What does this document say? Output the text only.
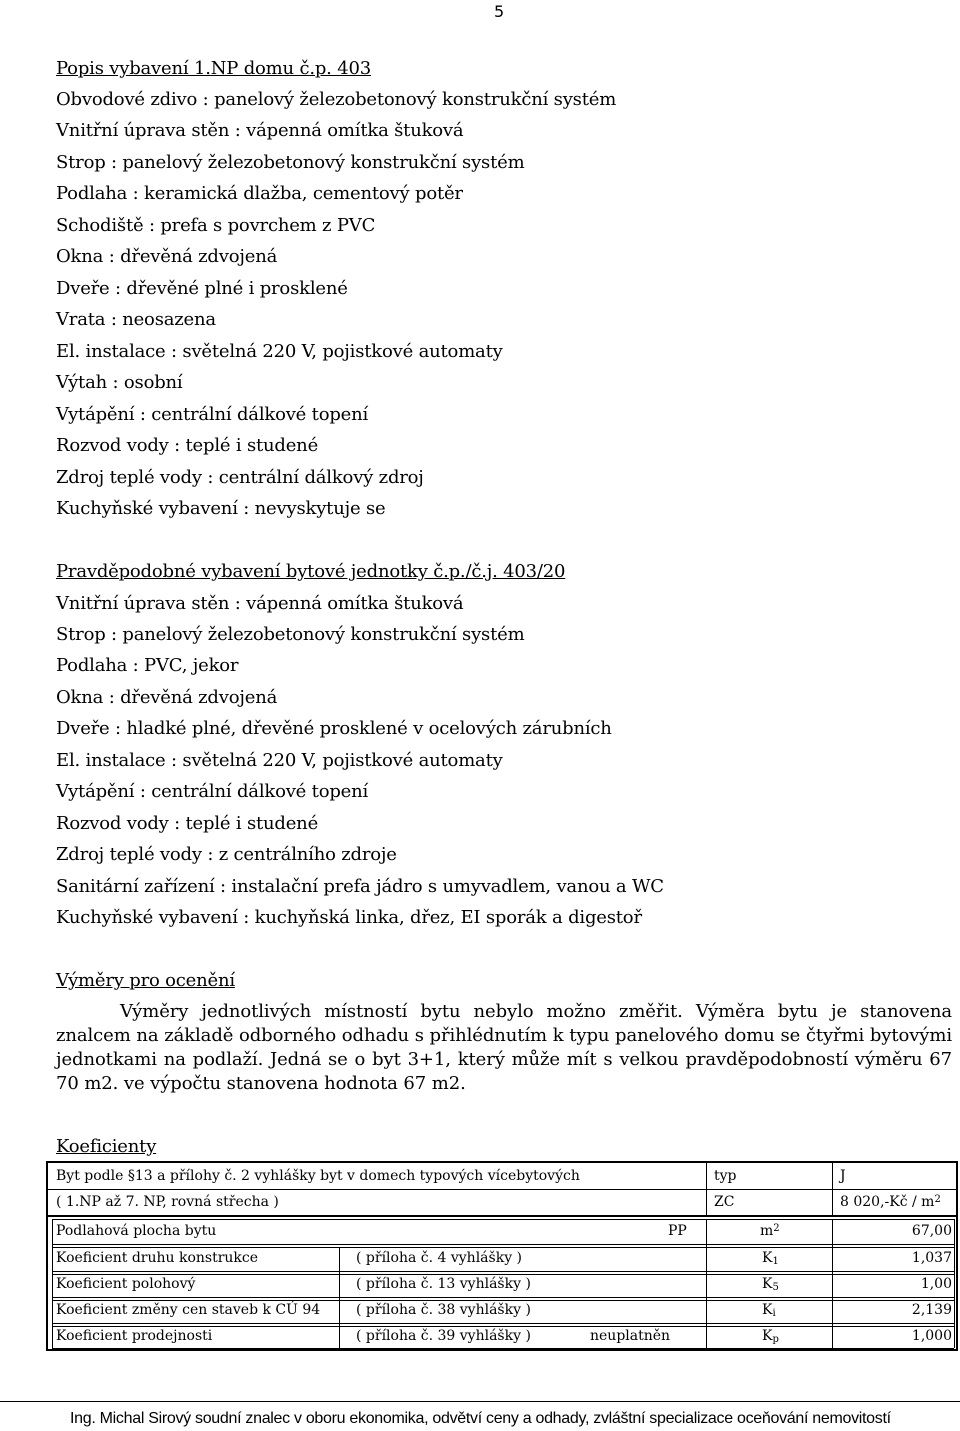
5
Popis vybavení 1.NP domu č.p. 403
Obvodové zdivo : panelový železobetonový konstrukční systém
Vnitřní úprava stěn : vápenná omítka štuková
Strop : panelový železobetonový konstrukční systém
Podlaha : keramická dlažba, cementový potěr
Schodiště : prefa s povrchem z PVC
Okna : dřevěná zdvojená
Dveře : dřevěné plné i prosklené
Vrata : neosazena
El. instalace : světelná 220 V, pojistkové automaty
Výtah : osobní
Vytápění : centrální dálkové topení
Rozvod vody : teplé i studené
Zdroj teplé vody : centrální dálkový zdroj
Kuchyňské vybavení : nevyskytuje se
Pravděpodobné vybavení bytové jednotky č.p./č.j. 403/20
Vnitřní úprava stěn : vápenná omítka štuková
Strop : panelový železobetonový konstrukční systém
Podlaha : PVC, jekor
Okna : dřevěná zdvojená
Dveře : hladké plné, dřevěné prosklené v ocelových zárubních
El. instalace : světelná 220 V, pojistkové automaty
Vytápění : centrální dálkové topení
Rozvod vody : teplé i studené
Zdroj teplé vody : z centrálního zdroje
Sanitární zařízení : instalační prefa jádro s umyvadlem, vanou a WC
Kuchyňské vybavení : kuchyňská linka, dřez, EI sporák a digestoř
Výměry pro ocenění
Výměry jednotlivých místností bytu nebylo možno změřit. Výměra bytu je stanovena znalcem na základě odborného odhadu s přihlédnutím k typu panelového domu se čtyřmi bytovými jednotkami na podlaží. Jedná se o byt 3+1, který může mít s velkou pravděpodobností výměru 67 70 m2. ve výpočtu stanovena hodnota 67 m2.
Koeficienty
Byt podle §13 a přílohy č. 2 vyhlášky byt v domech typových vícebytových	typ	J
( 1.NP až 7. NP, rovná střecha )	ZC	8 020,-Kč / $m^2$
Podlahová plocha bytu	PP	$m^2$	67,00
Koeficient druhu konstrukce	( příloha č. 4 vyhlášky )	$K_1$	1,037
Koeficient polohový	( příloha č. 13 vyhlášky )	$K_5$	1,00
Koeficient změny cen staveb k CÚ 94	( příloha č. 38 vyhlášky )	$K_i$	2,139
Koeficient prodejnosti	( příloha č. 39 vyhlášky )	neuplatněn	$K_p$	1,000
Ing. Michal Sirový soudní znalec v oboru ekonomika, odvětví ceny a odhady, zvláštní specializace oceňování nemovitostí
